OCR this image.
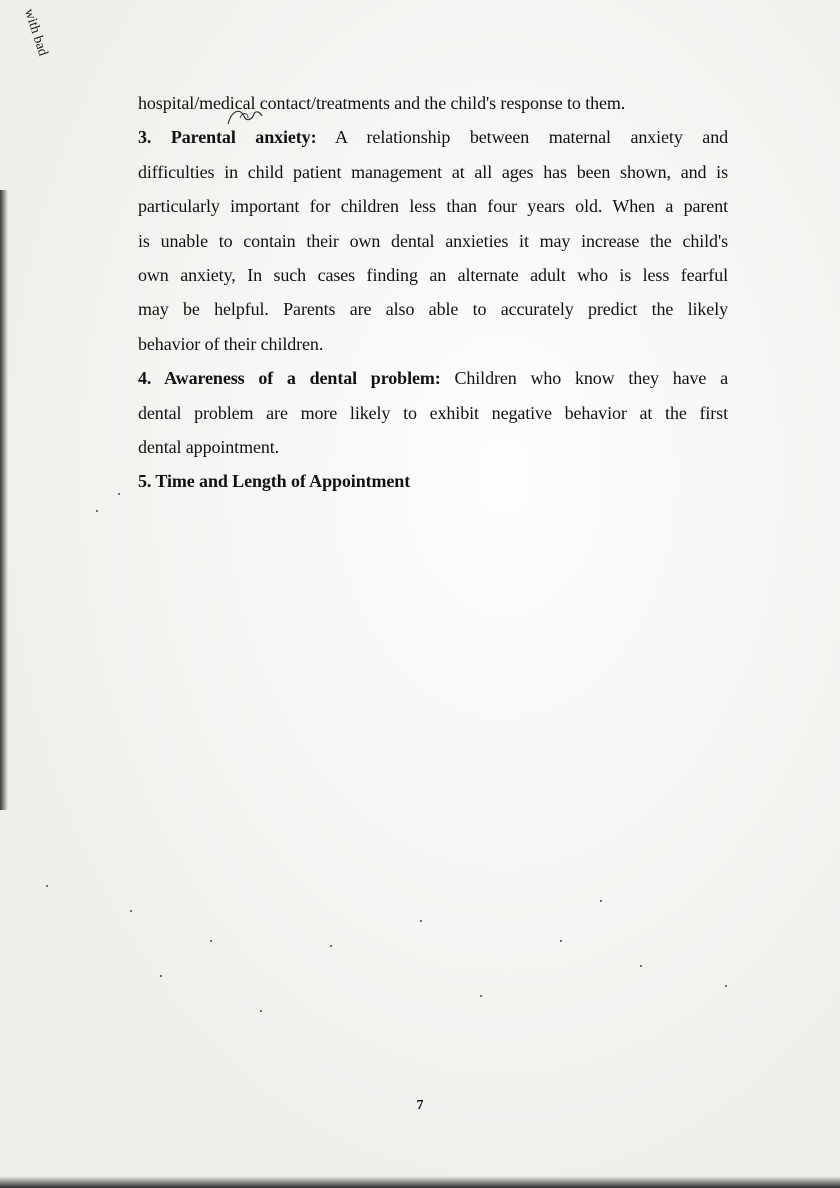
with bad
hospital/medical contact/treatments and the child's response to them.
3. Parental anxiety: A relationship between maternal anxiety and
difficulties in child patient management at all ages has been shown, and is
particularly important for children less than four years old. When a parent
is unable to contain their own dental anxieties it may increase the child's
own anxiety, In such cases finding an alternate adult who is less fearful
may be helpful. Parents are also able to accurately predict the likely
behavior of their children.
4. Awareness of a dental problem: Children who know they have a
dental problem are more likely to exhibit negative behavior at the first
dental appointment.
5. Time and Length of Appointment
7
